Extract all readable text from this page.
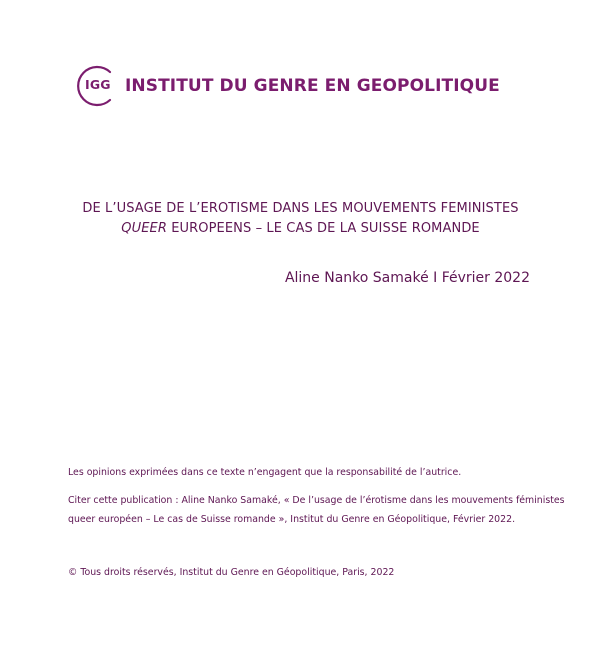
IGG INSTITUT DU GENRE EN GEOPOLITIQUE
DE L’USAGE DE L’EROTISME DANS LES MOUVEMENTS FEMINISTES
QUEER EUROPEENS – LE CAS DE LA SUISSE ROMANDE
Aline Nanko Samaké I Février 2022
Les opinions exprimées dans ce texte n’engagent que la responsabilité de l’autrice.
Citer cette publication : Aline Nanko Samaké, « De l’usage de l’érotisme dans les mouvements féministes
queer européen – Le cas de Suisse romande », Institut du Genre en Géopolitique, Février 2022.
© Tous droits réservés, Institut du Genre en Géopolitique, Paris, 2022
